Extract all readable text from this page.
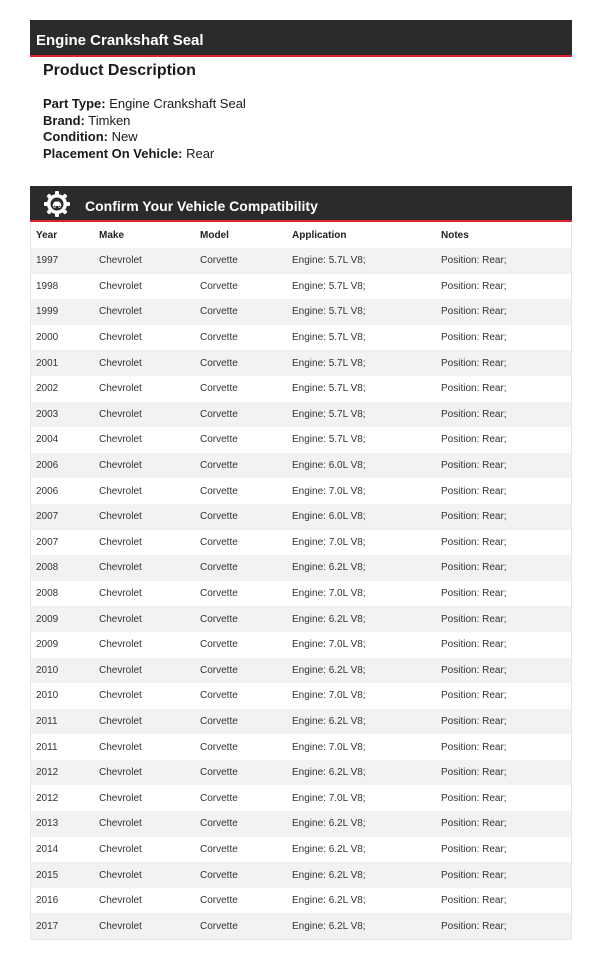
Engine Crankshaft Seal
Product Description
Part Type: Engine Crankshaft Seal
Brand: Timken
Condition: New
Placement On Vehicle: Rear
Confirm Your Vehicle Compatibility
Year	Make	Model	Application	Notes
1997	Chevrolet	Corvette	Engine: 5.7L V8;	Position: Rear;
1998	Chevrolet	Corvette	Engine: 5.7L V8;	Position: Rear;
1999	Chevrolet	Corvette	Engine: 5.7L V8;	Position: Rear;
2000	Chevrolet	Corvette	Engine: 5.7L V8;	Position: Rear;
2001	Chevrolet	Corvette	Engine: 5.7L V8;	Position: Rear;
2002	Chevrolet	Corvette	Engine: 5.7L V8;	Position: Rear;
2003	Chevrolet	Corvette	Engine: 5.7L V8;	Position: Rear;
2004	Chevrolet	Corvette	Engine: 5.7L V8;	Position: Rear;
2006	Chevrolet	Corvette	Engine: 6.0L V8;	Position: Rear;
2006	Chevrolet	Corvette	Engine: 7.0L V8;	Position: Rear;
2007	Chevrolet	Corvette	Engine: 6.0L V8;	Position: Rear;
2007	Chevrolet	Corvette	Engine: 7.0L V8;	Position: Rear;
2008	Chevrolet	Corvette	Engine: 6.2L V8;	Position: Rear;
2008	Chevrolet	Corvette	Engine: 7.0L V8;	Position: Rear;
2009	Chevrolet	Corvette	Engine: 6.2L V8;	Position: Rear;
2009	Chevrolet	Corvette	Engine: 7.0L V8;	Position: Rear;
2010	Chevrolet	Corvette	Engine: 6.2L V8;	Position: Rear;
2010	Chevrolet	Corvette	Engine: 7.0L V8;	Position: Rear;
2011	Chevrolet	Corvette	Engine: 6.2L V8;	Position: Rear;
2011	Chevrolet	Corvette	Engine: 7.0L V8;	Position: Rear;
2012	Chevrolet	Corvette	Engine: 6.2L V8;	Position: Rear;
2012	Chevrolet	Corvette	Engine: 7.0L V8;	Position: Rear;
2013	Chevrolet	Corvette	Engine: 6.2L V8;	Position: Rear;
2014	Chevrolet	Corvette	Engine: 6.2L V8;	Position: Rear;
2015	Chevrolet	Corvette	Engine: 6.2L V8;	Position: Rear;
2016	Chevrolet	Corvette	Engine: 6.2L V8;	Position: Rear;
2017	Chevrolet	Corvette	Engine: 6.2L V8;	Position: Rear;
